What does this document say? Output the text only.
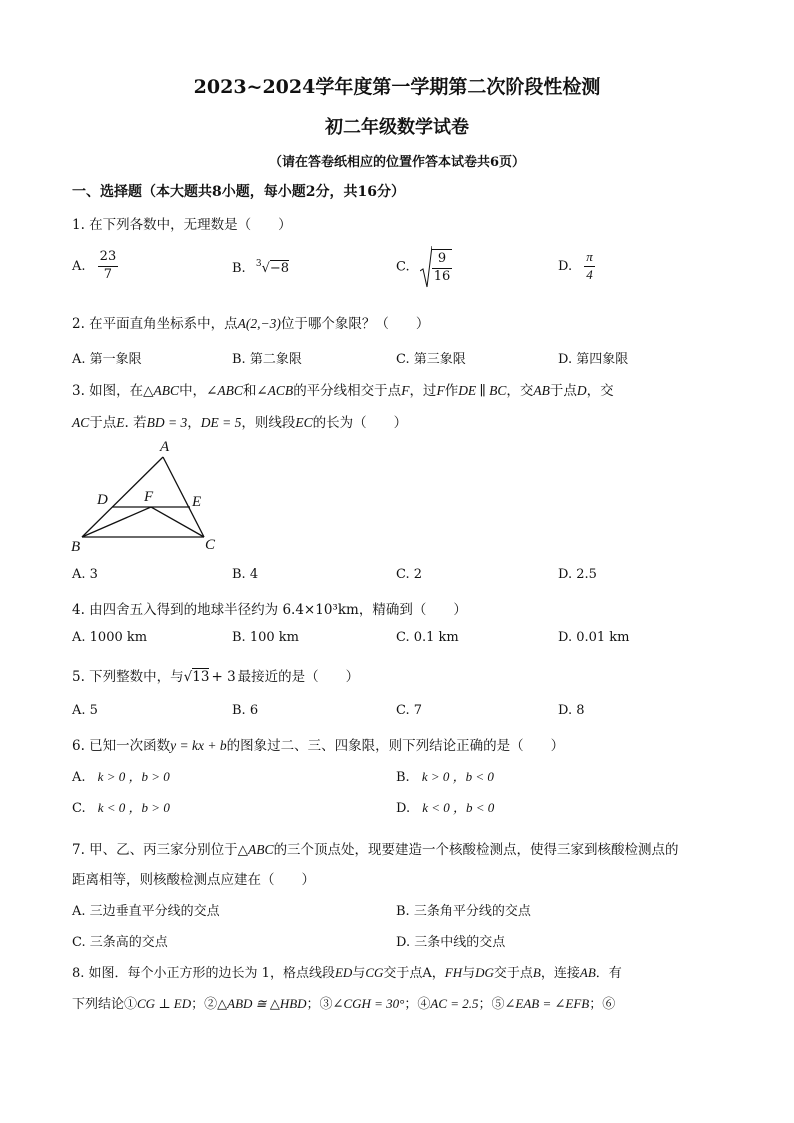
2023~2024学年度第一学期第二次阶段性检测
初二年级数学试卷
（请在答卷纸相应的位置作答本试卷共6页）
一、选择题（本大题共8小题，每小题2分，共16分）
1. 在下列各数中，无理数是（　　）
A. $\frac{23}{7}$	B. $^3$√−8	C. $\frac{9}{16}$	D. $\frac{\pi}{4}$
2. 在平面直角坐标系中，点A(2,−3)位于哪个象限？（　　）
A. 第一象限	B. 第二象限	C. 第三象限	D. 第四象限
3. 如图，在△ABC中，∠ABC和∠ACB的平分线相交于点F，过F作DE ∥ BC，交AB于点D，交
AC于点E. 若BD = 3，DE = 5，则线段EC的长为（　　）
A
D F	E
B	C
A. 3	B. 4	C. 2	D. 2.5
4. 由四舍五入得到的地球半径约为 6.4×10³km，精确到（　　）
A. 1000 km	B. 100 km	C. 0.1 km	D. 0.01 km
5. 下列整数中，与√13 + 3 最接近的是（　　）
A. 5	B. 6	C. 7	D. 8
6. 已知一次函数y = kx + b的图象过二、三、四象限，则下列结论正确的是（　　）
A. k > 0 ，b > 0	B. k > 0 ，b < 0
C. k < 0 ，b > 0	D. k < 0 ，b < 0
7. 甲、乙、丙三家分别位于△ABC的三个顶点处，现要建造一个核酸检测点，使得三家到核酸检测点的
距离相等，则核酸检测点应建在（　　）
A. 三边垂直平分线的交点	B. 三条角平分线的交点
C. 三条高的交点	D. 三条中线的交点
8. 如图．每个小正方形的边长为 1，格点线段ED与CG交于点A，FH与DG交于点B，连接AB．有
下列结论①CG ⊥ ED；②△ABD ≅ △HBD；③∠CGH = 30°；④AC = 2.5；⑤∠EAB = ∠EFB；⑥
